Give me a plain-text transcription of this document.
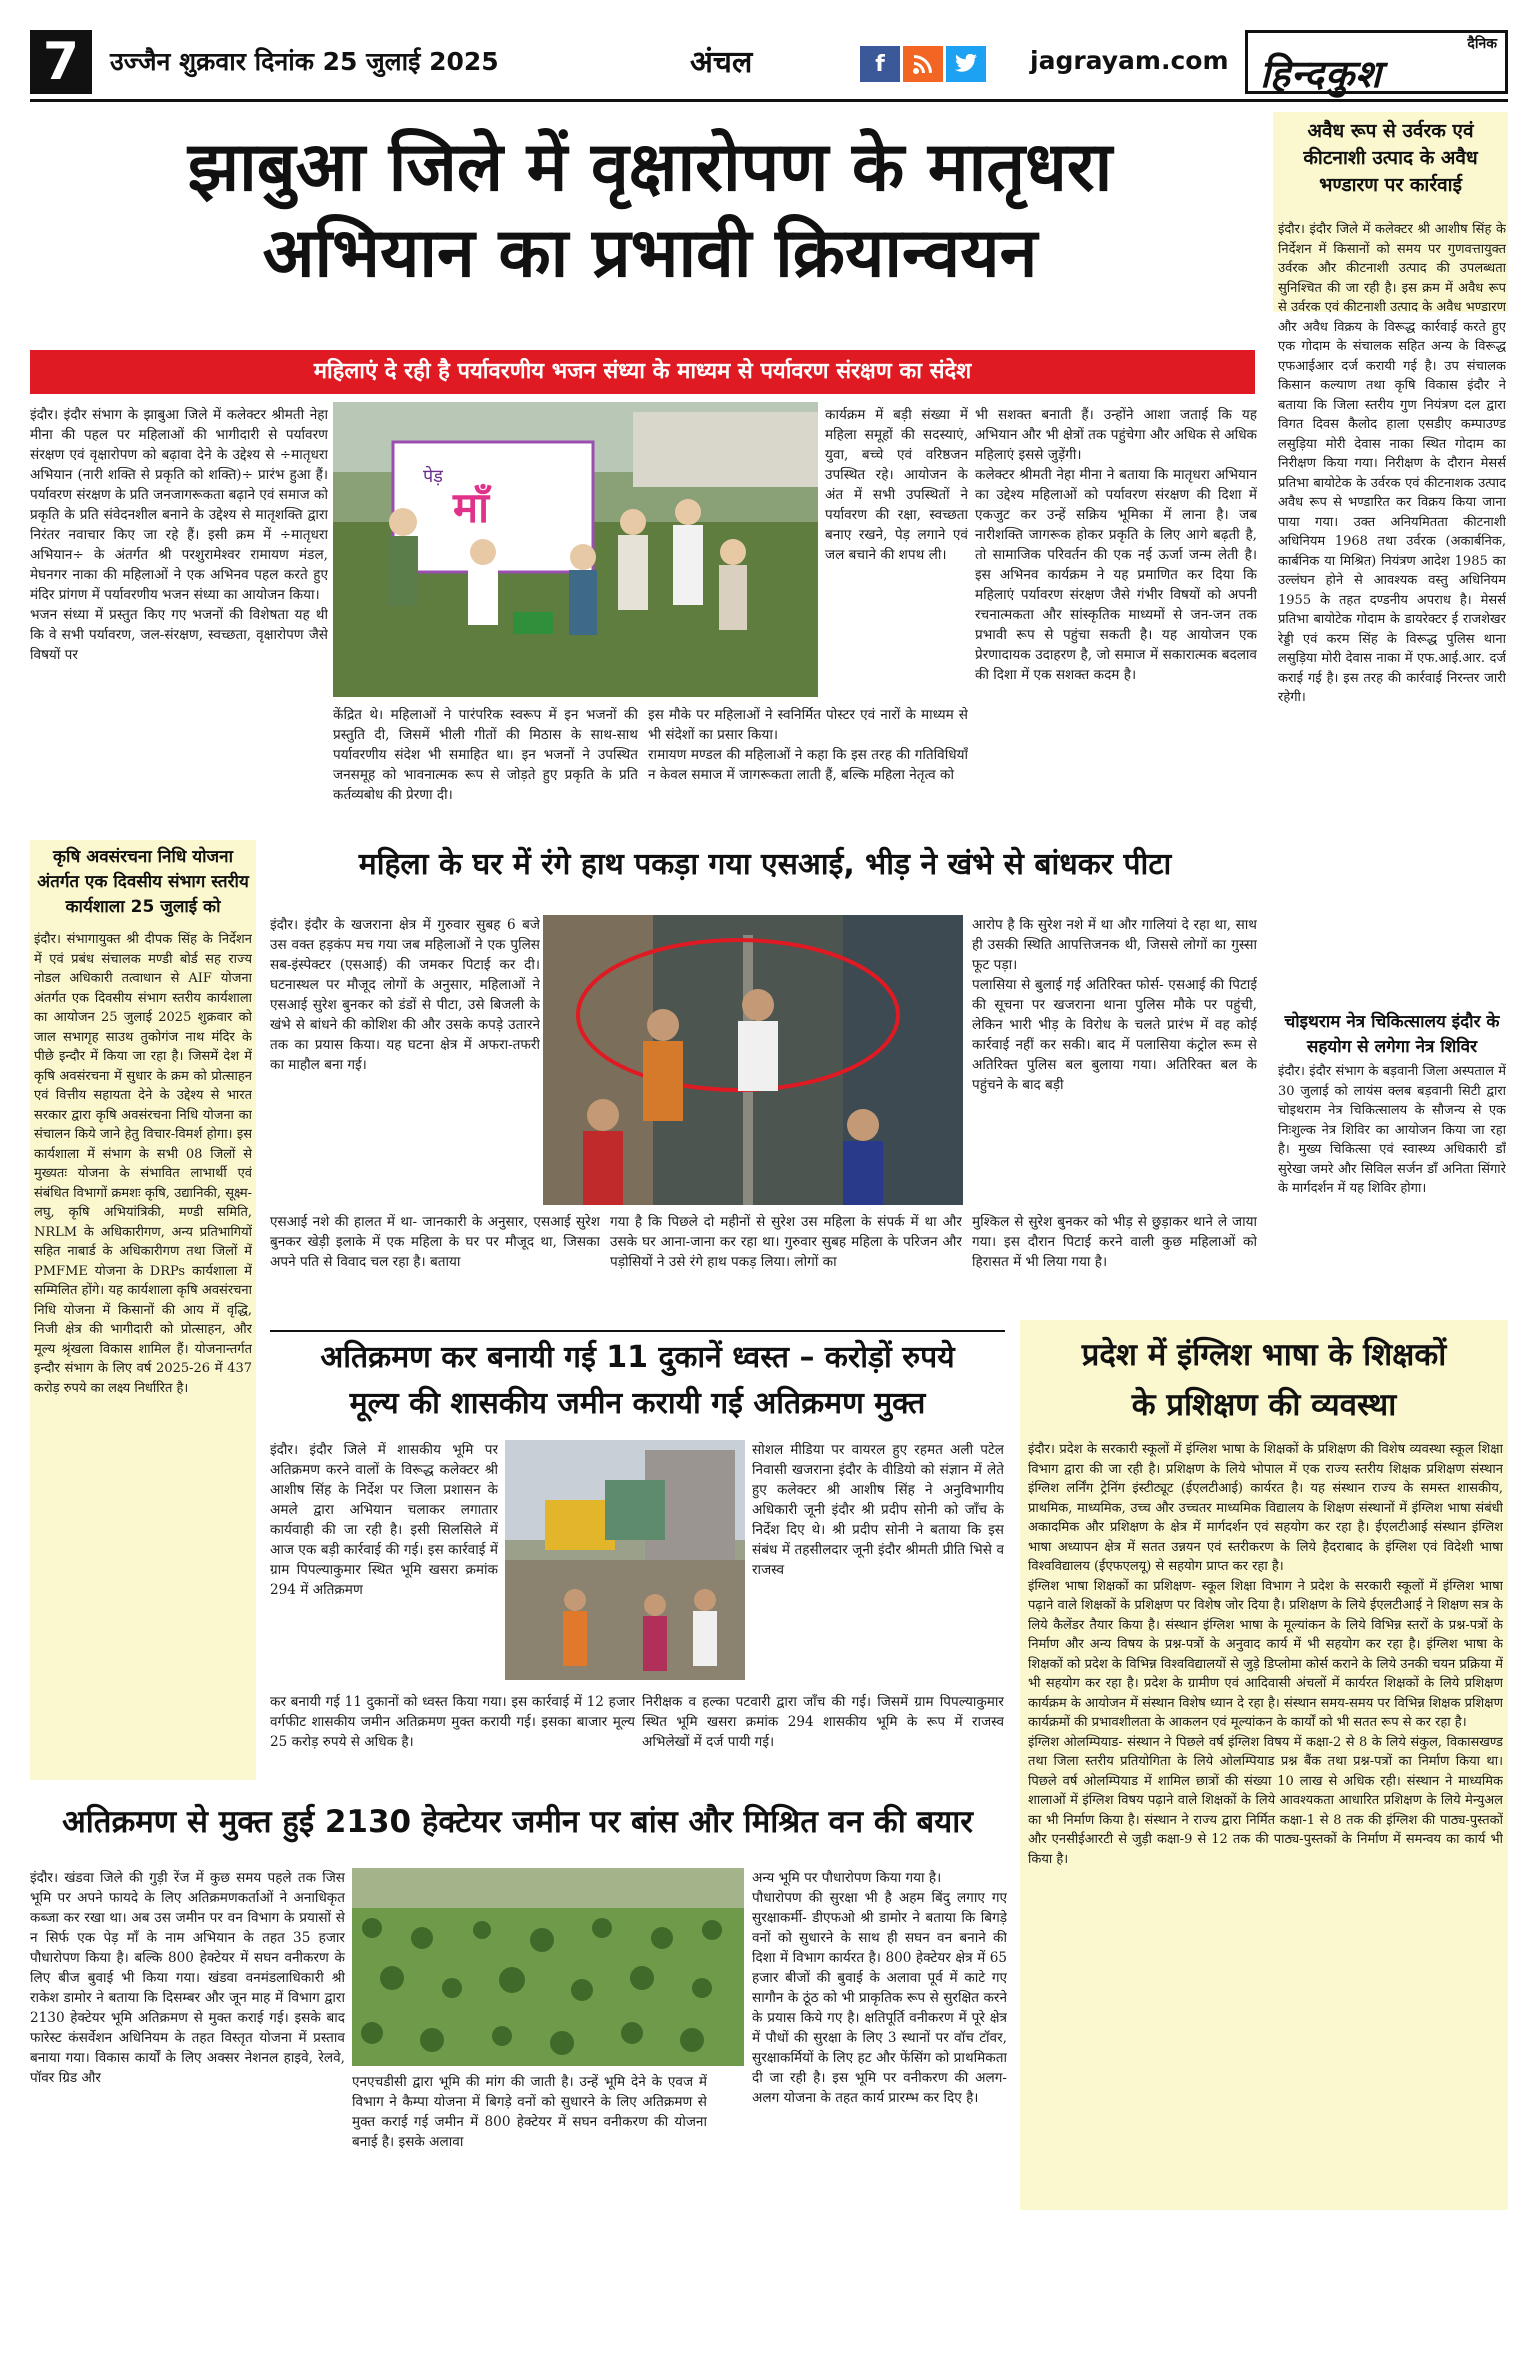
7	उज्जैन शुक्रवार दिनांक 25 जुलाई 2025	अंचल	f	jagrayam.com
दैनिक
हिन्दकुश
झाबुआ जिले में वृक्षारोपण के मातृधरा
अभियान का प्रभावी क्रियान्वयन
महिलाएं दे रही है पर्यावरणीय भजन संध्या के माध्यम से पर्यावरण संरक्षण का संदेश
इंदौर। इंदौर संभाग के झाबुआ जिले में कलेक्टर श्रीमती नेहा मीना की पहल पर महिलाओं की भागीदारी से पर्यावरण संरक्षण एवं वृक्षारोपण को बढ़ावा देने के उद्देश्य से ÷मातृधरा अभियान (नारी शक्ति से प्रकृति को शक्ति)÷ प्रारंभ हुआ हैं। पर्यावरण संरक्षण के प्रति जनजागरूकता बढ़ाने एवं समाज को प्रकृति के प्रति संवेदनशील बनाने के उद्देश्य से मातृशक्ति द्वारा निरंतर नवाचार किए जा रहे हैं। इसी क्रम में ÷मातृधरा अभियान÷ के अंतर्गत श्री परशुरामेश्वर रामायण मंडल, मेघनगर नाका की महिलाओं ने एक अभिनव पहल करते हुए मंदिर प्रांगण में पर्यावरणीय भजन संध्या का आयोजन किया।
भजन संध्या में प्रस्तुत किए गए भजनों की विशेषता यह थी कि वे सभी पर्यावरण, जल-संरक्षण, स्वच्छता, वृक्षारोपण जैसे विषयों पर
पेड़
माँ
केंद्रित थे। महिलाओं ने पारंपरिक स्वरूप में इन भजनों की प्रस्तुति दी, जिसमें भीली गीतों की मिठास के साथ-साथ पर्यावरणीय संदेश भी समाहित था। इन भजनों ने उपस्थित जनसमूह को भावनात्मक रूप से जोड़ते हुए प्रकृति के प्रति कर्तव्यबोध की प्रेरणा दी।
कार्यक्रम में बड़ी संख्या में महिला समूहों की सदस्याएं, युवा, बच्चे एवं वरिष्ठजन उपस्थित रहे। आयोजन के अंत में सभी उपस्थितों ने पर्यावरण की रक्षा, स्वच्छता बनाए रखने, पेड़ लगाने एवं जल बचाने की शपथ ली।
इस मौके पर महिलाओं ने स्वनिर्मित पोस्टर एवं नारों के माध्यम से भी संदेशों का प्रसार किया।
रामायण मण्डल की महिलाओं ने कहा कि इस तरह की गतिविधियाँ न केवल समाज में जागरूकता लाती हैं, बल्कि महिला नेतृत्व को
भी सशक्त बनाती हैं। उन्होंने आशा जताई कि यह अभियान और भी क्षेत्रों तक पहुंचेगा और अधिक से अधिक महिलाएं इससे जुड़ेंगी।
कलेक्टर श्रीमती नेहा मीना ने बताया कि मातृधरा अभियान का उद्देश्य महिलाओं को पर्यावरण संरक्षण की दिशा में एकजुट कर उन्हें सक्रिय भूमिका में लाना है। जब नारीशक्ति जागरूक होकर प्रकृति के लिए आगे बढ़ती है, तो सामाजिक परिवर्तन की एक नई ऊर्जा जन्म लेती है। इस अभिनव कार्यक्रम ने यह प्रमाणित कर दिया कि महिलाएं पर्यावरण संरक्षण जैसे गंभीर विषयों को अपनी रचनात्मकता और सांस्कृतिक माध्यमों से जन-जन तक प्रभावी रूप से पहुंचा सकती है। यह आयोजन एक प्रेरणादायक उदाहरण है, जो समाज में सकारात्मक बदलाव की दिशा में एक सशक्त कदम है।
अवैध रूप से उर्वरक एवं कीटनाशी उत्पाद के अवैध भण्डारण पर कार्रवाई
इंदौर। इंदौर जिले में कलेक्टर श्री आशीष सिंह के निर्देशन में किसानों को समय पर गुणवत्तायुक्त उर्वरक और कीटनाशी उत्पाद की उपलब्धता सुनिश्चित की जा रही है। इस क्रम में अवैध रूप से उर्वरक एवं कीटनाशी उत्पाद के अवैध भण्डारण और अवैध विक्रय के विरूद्ध कार्रवाई करते हुए एक गोदाम के संचालक सहित अन्य के विरूद्ध एफआईआर दर्ज करायी गई है। उप संचालक किसान कल्याण तथा कृषि विकास इंदौर ने बताया कि जिला स्तरीय गुण नियंत्रण दल द्वारा विगत दिवस कैलोद हाला एसडीए कम्पाउण्ड लसुड़िया मोरी देवास नाका स्थित गोदाम का निरीक्षण किया गया। निरीक्षण के दौरान मेसर्स प्रतिभा बायोटेक के उर्वरक एवं कीटनाशक उत्पाद अवैध रूप से भण्डारित कर विक्रय किया जाना पाया गया। उक्त अनियमितता कीटनाशी अधिनियम 1968 तथा उर्वरक (अकार्बनिक, कार्बनिक या मिश्रित) नियंत्रण आदेश 1985 का उल्लंघन होने से आवश्यक वस्तु अधिनियम 1955 के तहत दण्डनीय अपराध है। मेसर्स प्रतिभा बायोटेक गोदाम के डायरेक्टर ई राजशेखर रेड्डी एवं करम सिंह के विरूद्ध पुलिस थाना लसुड़िया मोरी देवास नाका में एफ.आई.आर. दर्ज कराई गई है। इस तरह की कार्रवाई निरन्तर जारी रहेगी।
चोइथराम नेत्र चिकित्सालय इंदौर के सहयोग से लगेगा नेत्र शिविर
इंदौर। इंदौर संभाग के बड़वानी जिला अस्पताल में 30 जुलाई को लायंस क्लब बड़वानी सिटी द्वारा चोइथराम नेत्र चिकित्सालय के सौजन्य से एक निःशुल्क नेत्र शिविर का आयोजन किया जा रहा है। मुख्य चिकित्सा एवं स्वास्थ्य अधिकारी डॉं सुरेखा जमरे और सिविल सर्जन डॉं अनिता सिंगारे के मार्गदर्शन में यह शिविर होगा।
कृषि अवसंरचना निधि योजना अंतर्गत एक दिवसीय संभाग स्तरीय कार्यशाला 25 जुलाई को
इंदौर। संभागायुक्त श्री दीपक सिंह के निर्देशन में एवं प्रबंध संचालक मण्डी बोर्ड सह राज्य नोडल अधिकारी तत्वाधान से AIF योजना अंतर्गत एक दिवसीय संभाग स्तरीय कार्यशाला का आयोजन 25 जुलाई 2025 शुक्रवार को जाल सभागृह साउथ तुकोगंज नाथ मंदिर के पीछे इन्दौर में किया जा रहा है। जिसमें देश में कृषि अवसंरचना में सुधार के क्रम को प्रोत्साहन एवं वित्तीय सहायता देने के उद्देश्य से भारत सरकार द्वारा कृषि अवसंरचना निधि योजना का संचालन किये जाने हेतु विचार-विमर्श होगा। इस कार्यशाला में संभाग के सभी 08 जिलों से मुख्यतः योजना के संभावित लाभार्थी एवं संबंधित विभागों क्रमशः कृषि, उद्यानिकी, सूक्ष्म-लघु, कृषि अभियांत्रिकी, मण्डी समिति, NRLM के अधिकारीगण, अन्य प्रतिभागियों सहित नाबार्ड के अधिकारीगण तथा जिलों में PMFME योजना के DRPs कार्यशाला में सम्मिलित होंगे। यह कार्यशाला कृषि अवसंरचना निधि योजना में किसानों की आय में वृद्धि, निजी क्षेत्र की भागीदारी को प्रोत्साहन, और मूल्य श्रृंखला विकास शामिल हैं। योजनान्तर्गत इन्दौर संभाग के लिए वर्ष 2025-26 में 437 करोड़ रुपये का लक्ष्य निर्धारित है।
महिला के घर में रंगे हाथ पकड़ा गया एसआई, भीड़ ने खंभे से बांधकर पीटा
इंदौर। इंदौर के खजराना क्षेत्र में गुरुवार सुबह 6 बजे उस वक्त हड़कंप मच गया जब महिलाओं ने एक पुलिस सब-इंस्पेक्टर (एसआई) की जमकर पिटाई कर दी। घटनास्थल पर मौजूद लोगों के अनुसार, महिलाओं ने एसआई सुरेश बुनकर को डंडों से पीटा, उसे बिजली के खंभे से बांधने की कोशिश की और उसके कपड़े उतारने तक का प्रयास किया। यह घटना क्षेत्र में अफरा-तफरी का माहौल बना गई।
एसआई नशे की हालत में था- जानकारी के अनुसार, एसआई सुरेश बुनकर खेड़ी इलाके में एक महिला के घर पर मौजूद था, जिसका अपने पति से विवाद चल रहा है। बताया
गया है कि पिछले दो महीनों से सुरेश उस महिला के संपर्क में था और उसके घर आना-जाना कर रहा था। गुरुवार सुबह महिला के परिजन और पड़ोसियों ने उसे रंगे हाथ पकड़ लिया। लोगों का
आरोप है कि सुरेश नशे में था और गालियां दे रहा था, साथ ही उसकी स्थिति आपत्तिजनक थी, जिससे लोगों का गुस्सा फूट पड़ा।
पलासिया से बुलाई गई अतिरिक्त फोर्स- एसआई की पिटाई की सूचना पर खजराना थाना पुलिस मौके पर पहुंची, लेकिन भारी भीड़ के विरोध के चलते प्रारंभ में वह कोई कार्रवाई नहीं कर सकी। बाद में पलासिया कंट्रोल रूम से अतिरिक्त पुलिस बल बुलाया गया। अतिरिक्त बल के पहुंचने के बाद बड़ी
मुश्किल से सुरेश बुनकर को भीड़ से छुड़ाकर थाने ले जाया गया। इस दौरान पिटाई करने वाली कुछ महिलाओं को हिरासत में भी लिया गया है।
अतिक्रमण कर बनायी गई 11 दुकानें ध्वस्त – करोड़ों रुपये
मूल्य की शासकीय जमीन करायी गई अतिक्रमण मुक्त
इंदौर। इंदौर जिले में शासकीय भूमि पर अतिक्रमण करने वालों के विरूद्ध कलेक्टर श्री आशीष सिंह के निर्देश पर जिला प्रशासन के अमले द्वारा अभियान चलाकर लगातार कार्यवाही की जा रही है। इसी सिलसिले में आज एक बड़ी कार्रवाई की गई। इस कार्रवाई में ग्राम पिपल्याकुमार स्थित भूमि खसरा क्रमांक 294 में अतिक्रमण
कर बनायी गई 11 दुकानों को ध्वस्त किया गया। इस कार्रवाई में 12 हजार वर्गफीट शासकीय जमीन अतिक्रमण मुक्त करायी गई। इसका बाजार मूल्य 25 करोड़ रुपये से अधिक है।
सोशल मीडिया पर वायरल हुए रहमत अली पटेल निवासी खजराना इंदौर के वीडियो को संज्ञान में लेते हुए कलेक्टर श्री आशीष सिंह ने अनुविभागीय अधिकारी जूनी इंदौर श्री प्रदीप सोनी को जाँच के निर्देश दिए थे। श्री प्रदीप सोनी ने बताया कि इस संबंध में तहसीलदार जूनी इंदौर श्रीमती प्रीति भिसे व राजस्व
निरीक्षक व हल्का पटवारी द्वारा जाँच की गई। जिसमें ग्राम पिपल्याकुमार स्थित भूमि खसरा क्रमांक 294 शासकीय भूमि के रूप में राजस्व अभिलेखों में दर्ज पायी गई।
प्रदेश में इंग्लिश भाषा के शिक्षकों
के प्रशिक्षण की व्यवस्था
इंदौर। प्रदेश के सरकारी स्कूलों में इंग्लिश भाषा के शिक्षकों के प्रशिक्षण की विशेष व्यवस्था स्कूल शिक्षा विभाग द्वारा की जा रही है। प्रशिक्षण के लिये भोपाल में एक राज्य स्तरीय शिक्षक प्रशिक्षण संस्थान इंग्लिश लर्निंग ट्रेनिंग इंस्टीट्यूट (ईएलटीआई) कार्यरत है। यह संस्थान राज्य के समस्त शासकीय, प्राथमिक, माध्यमिक, उच्च और उच्चतर माध्यमिक विद्यालय के शिक्षण संस्थानों में इंग्लिश भाषा संबंधी अकादमिक और प्रशिक्षण के क्षेत्र में मार्गदर्शन एवं सहयोग कर रहा है। ईएलटीआई संस्थान इंग्लिश भाषा अध्यापन क्षेत्र में सतत उन्नयन एवं स्तरीकरण के लिये हैदराबाद के इंग्लिश एवं विदेशी भाषा विश्वविद्यालय (ईएफएलयू) से सहयोग प्राप्त कर रहा है।
इंग्लिश भाषा शिक्षकों का प्रशिक्षण- स्कूल शिक्षा विभाग ने प्रदेश के सरकारी स्कूलों में इंग्लिश भाषा पढ़ाने वाले शिक्षकों के प्रशिक्षण पर विशेष जोर दिया है। प्रशिक्षण के लिये ईएलटीआई ने शिक्षण सत्र के लिये कैलेंडर तैयार किया है। संस्थान इंग्लिश भाषा के मूल्यांकन के लिये विभिन्न स्तरों के प्रश्न-पत्रों के निर्माण और अन्य विषय के प्रश्न-पत्रों के अनुवाद कार्य में भी सहयोग कर रहा है। इंग्लिश भाषा के शिक्षकों को प्रदेश के विभिन्न विश्वविद्यालयों से जुड़े डिप्लोमा कोर्स कराने के लिये उनकी चयन प्रक्रिया में भी सहयोग कर रहा है। प्रदेश के ग्रामीण एवं आदिवासी अंचलों में कार्यरत शिक्षकों के लिये प्रशिक्षण कार्यक्रम के आयोजन में संस्थान विशेष ध्यान दे रहा है। संस्थान समय-समय पर विभिन्न शिक्षक प्रशिक्षण कार्यक्रमों की प्रभावशीलता के आकलन एवं मूल्यांकन के कार्यों को भी सतत रूप से कर रहा है।
इंग्लिश ओलम्पियाड- संस्थान ने पिछले वर्ष इंग्लिश विषय में कक्षा-2 से 8 के लिये संकुल, विकासखण्ड तथा जिला स्तरीय प्रतियोगिता के लिये ओलम्पियाड प्रश्न बैंक तथा प्रश्न-पत्रों का निर्माण किया था। पिछले वर्ष ओलम्पियाड में शामिल छात्रों की संख्या 10 लाख से अधिक रही। संस्थान ने माध्यमिक शालाओं में इंग्लिश विषय पढ़ाने वाले शिक्षकों के लिये आवश्यकता आधारित प्रशिक्षण के लिये मेन्युअल का भी निर्माण किया है। संस्थान ने राज्य द्वारा निर्मित कक्षा-1 से 8 तक की इंग्लिश की पाठ्य-पुस्तकों और एनसीईआरटी से जुड़ी कक्षा-9 से 12 तक की पाठ्य-पुस्तकों के निर्माण में समन्वय का कार्य भी किया है।
अतिक्रमण से मुक्त हुई 2130 हेक्टेयर जमीन पर बांस और मिश्रित वन की बयार
इंदौर। खंडवा जिले की गुड़ी रेंज में कुछ समय पहले तक जिस भूमि पर अपने फायदे के लिए अतिक्रमणकर्ताओं ने अनाधिकृत कब्जा कर रखा था। अब उस जमीन पर वन विभाग के प्रयासों से न सिर्फ एक पेड़ माँ के नाम अभियान के तहत 35 हजार पौधारोपण किया है। बल्कि 800 हेक्टेयर में सघन वनीकरण के लिए बीज बुवाई भी किया गया। खंडवा वनमंडलाधिकारी श्री राकेश डामोर ने बताया कि दिसम्बर और जून माह में विभाग द्वारा 2130 हेक्टेयर भूमि अतिक्रमण से मुक्त कराई गई। इसके बाद फारेस्ट कंसर्वेशन अधिनियम के तहत विस्तृत योजना में प्रस्ताव बनाया गया। विकास कार्यों के लिए अक्सर नेशनल हाइवे, रेलवे, पॉवर ग्रिड और	एनएचडीसी द्वारा भूमि की मांग की जाती है। उन्हें भूमि देने के एवज में विभाग ने कैम्पा योजना में बिगड़े वनों को सुधारने के लिए अतिक्रमण से मुक्त कराई गई जमीन में 800 हेक्टेयर में सघन वनीकरण की योजना बनाई है। इसके अलावा
अन्य भूमि पर पौधारोपण किया गया है।
पौधारोपण की सुरक्षा भी है अहम बिंदु लगाए गए सुरक्षाकर्मी- डीएफओ श्री डामोर ने बताया कि बिगड़े वनों को सुधारने के साथ ही सघन वन बनाने की दिशा में विभाग कार्यरत है। 800 हेक्टेयर क्षेत्र में 65 हजार बीजों की बुवाई के अलावा पूर्व में काटे गए सागौन के ठूंठ को भी प्राकृतिक रूप से सुरक्षित करने के प्रयास किये गए है। क्षतिपूर्ति वनीकरण में पूरे क्षेत्र में पौधों की सुरक्षा के लिए 3 स्थानों पर वॉच टॉवर, सुरक्षाकर्मियों के लिए हट और फेंसिंग को प्राथमिकता दी जा रही है। इस भूमि पर वनीकरण की अलग-अलग योजना के तहत कार्य प्रारम्भ कर दिए है।
